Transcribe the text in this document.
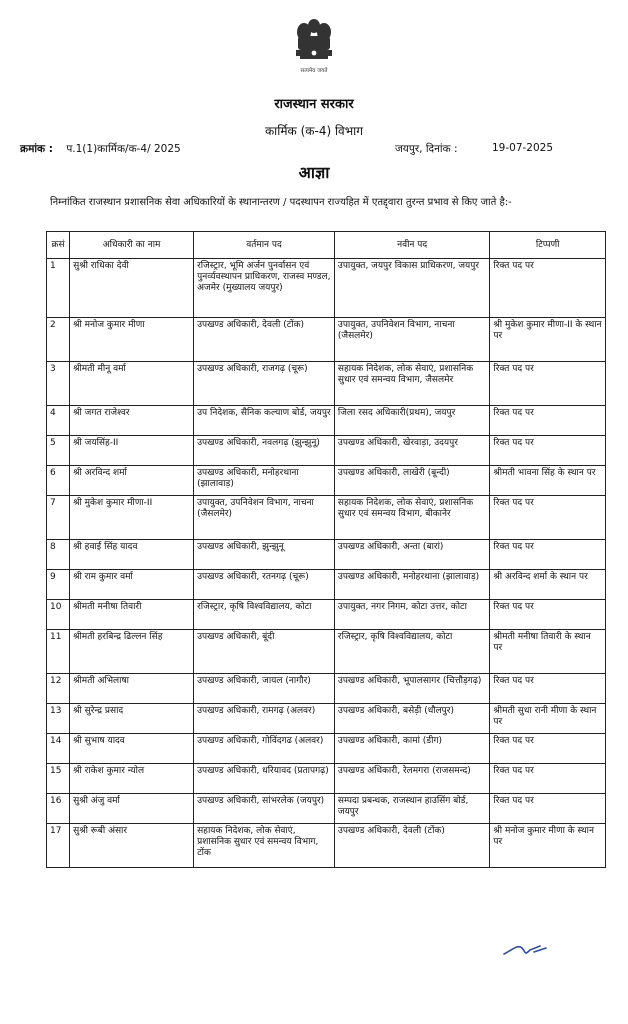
सत्यमेव जयते
राजस्थान सरकार
कार्मिक (क-4) विभाग
क्रमांक : प.1(1)कार्मिक/क-4/ 2025	जयपुर, दिनांक :	19-07-2025
आज्ञा
निम्नांकित राजस्थान प्रशासनिक सेवा अधिकारियों के स्थानान्तरण / पदस्थापन राज्यहित में एतद्द्वारा तुरन्त प्रभाव से किए जाते है:-
क्रसं	अधिकारी का नाम	वर्तमान पद	नवीन पद	टिप्पणी
1	सुश्री राधिका देवी	रजिस्ट्रार, भूमि अर्जन पुनर्वासन एवं पुनर्व्यवस्थापन प्राधिकरण, राजस्व मण्डल, अजमेर (मुख्यालय जयपुर)	उपायुक्त, जयपुर विकास प्राधिकरण, जयपुर	रिक्त पद पर
2	श्री मनोज कुमार मीणा	उपखण्ड अधिकारी, देवली (टोंक)	उपायुक्त, उपनिवेशन विभाग, नाचना (जैसलमेर)	श्री मुकेश कुमार मीणा-II के स्थान पर
3	श्रीमती मीनू वर्मा	उपखण्ड अधिकारी, राजगढ़ (चूरू)	सहायक निदेशक, लोक सेवाएं, प्रशासनिक सुधार एवं समन्वय विभाग, जैसलमेर	रिक्त पद पर
4	श्री जगत राजेश्वर	उप निदेशक, सैनिक कल्याण बोर्ड, जयपुर	जिला रसद अधिकारी(प्रथम), जयपुर	रिक्त पद पर
5	श्री जयसिंह-II	उपखण्ड अधिकारी, नवलगढ़ (झुन्झुनू)	उपखण्ड अधिकारी, खेरवाड़ा, उदयपुर	रिक्त पद पर
6	श्री अरविन्द शर्मा	उपखण्ड अधिकारी, मनोहरथाना (झालावाड़)	उपखण्ड अधिकारी, लाखेरी (बून्दी)	श्रीमती भावना सिंह के स्थान पर
7	श्री मुकेश कुमार मीणा-II	उपायुक्त, उपनिवेशन विभाग, नाचना (जैसलमेर)	सहायक निदेशक, लोक सेवाएं, प्रशासनिक सुधार एवं समन्वय विभाग, बीकानेर	रिक्त पद पर
8	श्री हवाई सिंह यादव	उपखण्ड अधिकारी, झुन्झुनू	उपखण्ड अधिकारी, अन्ता (बारां)	रिक्त पद पर
9	श्री राम कुमार वर्मा	उपखण्ड अधिकारी, रतनगढ़ (चूरू)	उपखण्ड अधिकारी, मनोहरथाना (झालावाड़)	श्री अरविन्द शर्मा के स्थान पर
10	श्रीमती मनीषा तिवारी	रजिस्ट्रार, कृषि विश्वविद्यालय, कोटा	उपायुक्त, नगर निगम, कोटा उत्तर, कोटा	रिक्त पद पर
11	श्रीमती हरबिन्द्र ढिल्लन सिंह	उपखण्ड अधिकारी, बूंदी	रजिस्ट्रार, कृषि विश्वविद्यालय, कोटा	श्रीमती मनीषा तिवारी के स्थान पर
12	श्रीमती अभिलाषा	उपखण्ड अधिकारी, जायल (नागौर)	उपखण्ड अधिकारी, भूपालसागर (चित्तौड़गढ़)	रिक्त पद पर
13	श्री सुरेन्द्र प्रसाद	उपखण्ड अधिकारी, रामगढ़ (अलवर)	उपखण्ड अधिकारी, बसेड़ी (धौलपुर)	श्रीमती सुधा रानी मीणा के स्थान पर
14	श्री सुभाष यादव	उपखण्ड अधिकारी, गोविंदगढ (अलवर)	उपखण्ड अधिकारी, कामां (डीग)	रिक्त पद पर
15	श्री राकेश कुमार न्योल	उपखण्ड अधिकारी, धरियावद (प्रतापगढ़)	उपखण्ड अधिकारी, रेलमगरा (राजसमन्द)	रिक्त पद पर
16	सुश्री अंजु वर्मा	उपखण्ड अधिकारी, सांभरलेक (जयपुर)	सम्पदा प्रबन्धक, राजस्थान हाउसिंग बोर्ड, जयपुर	रिक्त पद पर
17	सुश्री रूबी अंसार	सहायक निदेशक, लोक सेवाएं, प्रशासनिक सुधार एवं समन्वय विभाग, टोंक	उपखण्ड अधिकारी, देवली (टोंक)	श्री मनोज कुमार मीणा के स्थान पर
